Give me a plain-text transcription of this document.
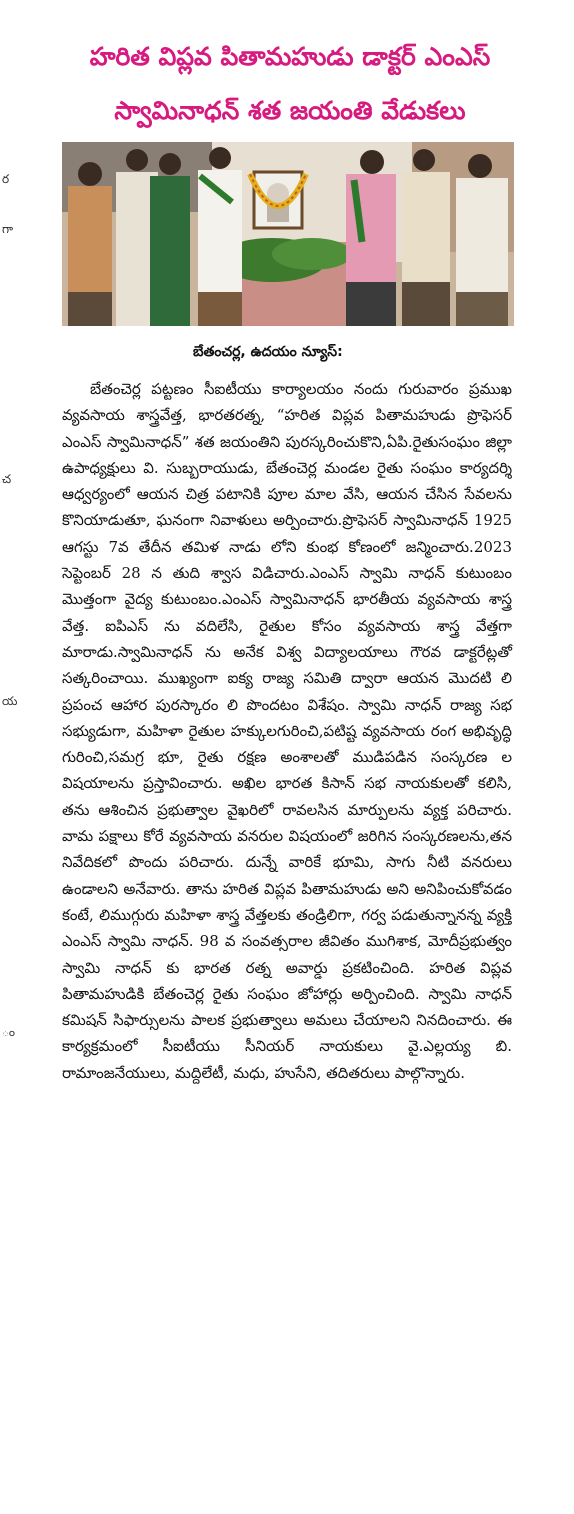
ర
గా
చ
య
ం
హరిత విప్లవ పితామహుడు డాక్టర్ ఎంఎస్
స్వామినాధన్ శత జయంతి వేడుకలు
బేతంచర్ల, ఉదయం న్యూస్:

బేతంచెర్ల పట్టణం సీఐటీయు కార్యాలయం నందు గురువారం ప్రముఖ వ్యవసాయ శాస్త్రవేత్త, భారతరత్న, “హరిత విప్లవ పితామహుడు ప్రొఫెసర్ ఎంఎస్ స్వామినాధన్” శత జయంతిని పురస్కరించుకొని,ఏపి.రైతుసంఘం జిల్లా ఉపాధ్యక్షులు వి. సుబ్బరాయుడు, బేతంచెర్ల మండల రైతు సంఘం కార్యదర్శి ఆధ్వర్యంలో ఆయన చిత్ర పటానికి పూల మాల వేసి, ఆయన చేసిన సేవలను కొనియాడుతూ, ఘనంగా నివాళులు అర్పించారు.ప్రొఫెసర్ స్వామినాధన్ 1925 ఆగస్టు 7వ తేదీన తమిళ నాడు లోని కుంభ కోణంలో జన్మించారు.2023 సెప్టెంబర్ 28 న తుది శ్వాస విడిచారు.ఎంఎస్ స్వామి నాధన్ కుటుంబం మొత్తంగా వైద్య కుటుంబం.ఎంఎస్ స్వామినాధన్ భారతీయ వ్యవసాయ శాస్త్ర వేత్త. ఐపిఎస్ ను వదిలేసి, రైతుల కోసం వ్యవసాయ శాస్త్ర వేత్తగా మారాడు.స్వామినాధన్ ను అనేక విశ్వ విద్యాలయాలు గౌరవ డాక్టరేట్లతో సత్కరించాయి. ముఖ్యంగా ఐక్య రాజ్య సమితి ద్వారా ఆయన మొదటి లి ప్రపంచ ఆహార పురస్కారం లి పొందటం విశేషం. స్వామి నాధన్ రాజ్య సభ సభ్యుడుగా, మహిళా రైతుల హక్కులగురించి,పటిష్ట వ్యవసాయ రంగ అభివృద్ధి గురించి,సమగ్ర భూ, రైతు రక్షణ అంశాలతో ముడిపడిన సంస్కరణ ల విషయాలను ప్రస్తావించారు. అఖిల భారత కిసాన్ సభ నాయకులతో కలిసి, తను ఆశించిన ప్రభుత్వాల వైఖరిలో రావలసిన మార్పులను వ్యక్త పరిచారు. వామ పక్షాలు కోరే వ్యవసాయ వనరుల విషయంలో జరిగిన సంస్కరణలను,తన నివేదికలో పొందు పరిచారు. దున్నే వారికే భూమి, సాగు నీటి వనరులు ఉండాలని అనేవారు. తాను హరిత విప్లవ పితామహుడు అని అనిపించుకోవడం కంటే, లిముగ్గురు మహిళా శాస్త్ర వేత్తలకు తండ్రిలిగా, గర్వ పడుతున్నానన్న వ్యక్తి ఎంఎస్ స్వామి నాధన్. 98 వ సంవత్సరాల జీవితం ముగిశాక, మోదీప్రభుత్వం స్వామి నాధన్ కు భారత రత్న అవార్డు ప్రకటించింది. హరిత విప్లవ పితామహుడికి బేతంచెర్ల రైతు సంఘం జోహార్లు అర్పించింది. స్వామి నాధన్ కమిషన్ సిఫార్సులను పాలక ప్రభుత్వాలు అమలు చేయాలని నినదించారు. ఈ కార్యక్రమంలో సీఐటీయు సీనియర్ నాయకులు వై.ఎల్లయ్య బి. రామాంజనేయులు, మద్దిలేటీ, మధు, హుసేని, తదితరులు పాల్గొన్నారు.
